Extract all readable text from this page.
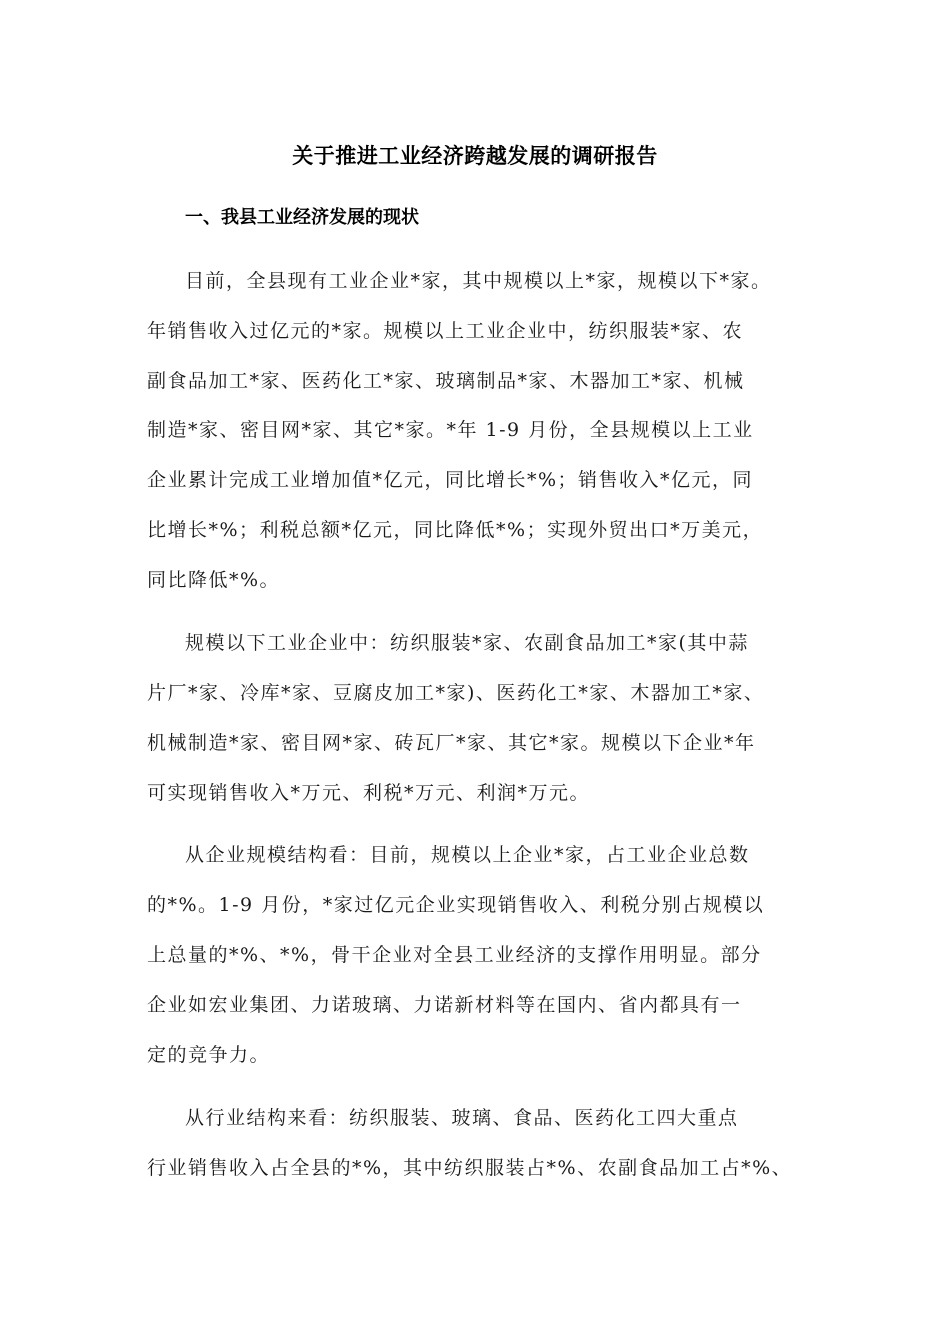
关于推进工业经济跨越发展的调研报告
一、我县工业经济发展的现状
目前，全县现有工业企业*家，其中规模以上*家，规模以下*家。
年销售收入过亿元的*家。规模以上工业企业中，纺织服装*家、农
副食品加工*家、医药化工*家、玻璃制品*家、木器加工*家、机械
制造*家、密目网*家、其它*家。*年 1-9 月份，全县规模以上工业
企业累计完成工业增加值*亿元，同比增长*%；销售收入*亿元，同
比增长*%；利税总额*亿元，同比降低*%；实现外贸出口*万美元，
同比降低*%。
规模以下工业企业中：纺织服装*家、农副食品加工*家(其中蒜
片厂*家、冷库*家、豆腐皮加工*家)、医药化工*家、木器加工*家、
机械制造*家、密目网*家、砖瓦厂*家、其它*家。规模以下企业*年
可实现销售收入*万元、利税*万元、利润*万元。
从企业规模结构看：目前，规模以上企业*家，占工业企业总数
的*%。1-9 月份，*家过亿元企业实现销售收入、利税分别占规模以
上总量的*%、*%，骨干企业对全县工业经济的支撑作用明显。部分
企业如宏业集团、力诺玻璃、力诺新材料等在国内、省内都具有一
定的竞争力。
从行业结构来看：纺织服装、玻璃、食品、医药化工四大重点
行业销售收入占全县的*%，其中纺织服装占*%、农副食品加工占*%、
